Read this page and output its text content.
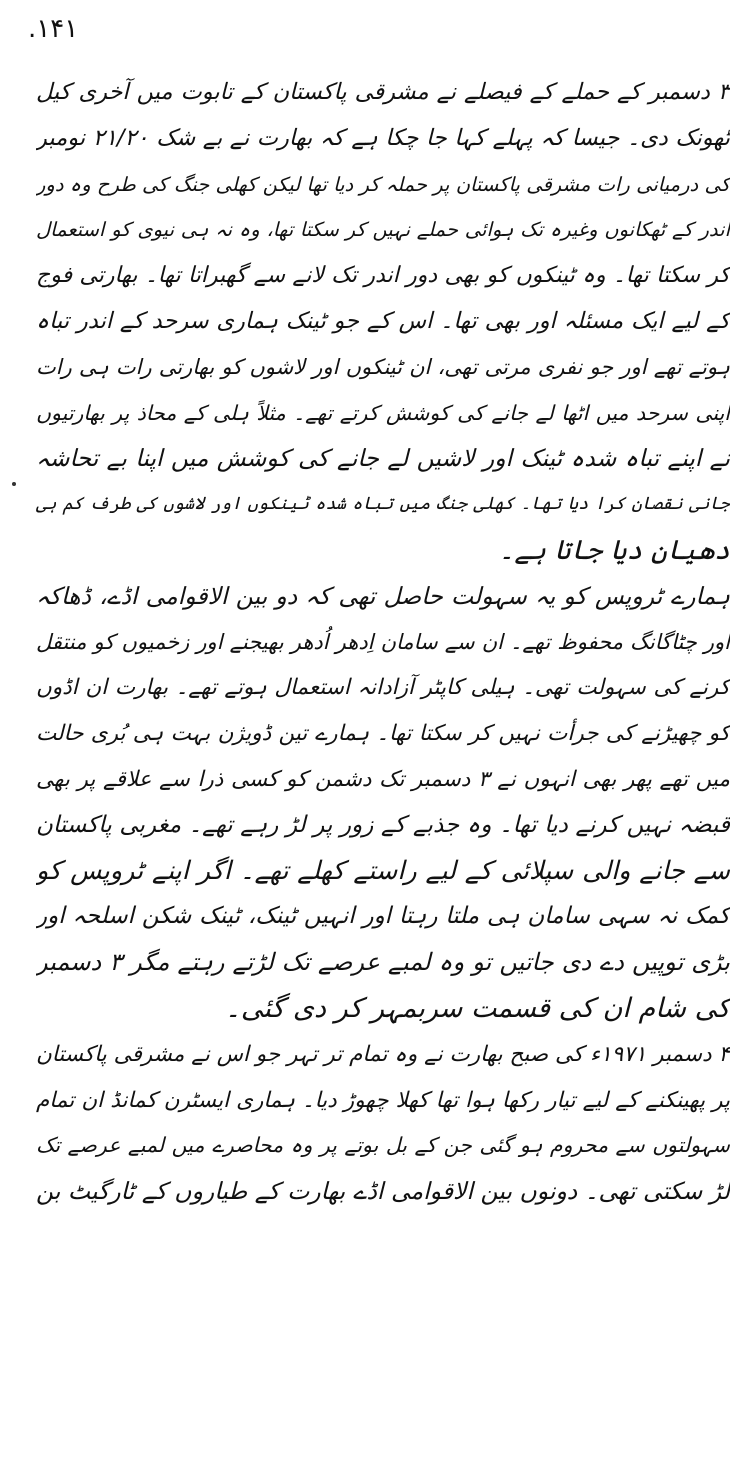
.١۴١
٣ دسمبر کے حملے کے فیصلے نے مشرقی پاکستان کے تابوت میں آخری کیل
ٹھونک دی۔ جیسا کہ پہلے کہا جا چکا ہے کہ بھارت نے بے شک ۲۱/۲۰ نومبر
کی درمیانی رات مشرقی پاکستان پر حملہ کر دیا تھا لیکن کھلی جنگ کی طرح وہ دور
اندر کے ٹھکانوں وغیرہ تک ہوائی حملے نہیں کر سکتا تھا، وہ نہ ہی نیوی کو استعمال
کر سکتا تھا۔ وہ ٹینکوں کو بھی دور اندر تک لانے سے گھبراتا تھا۔ بھارتی فوج
کے لیے ایک مسئلہ اور بھی تھا۔ اس کے جو ٹینک ہماری سرحد کے اندر تباہ
ہوتے تھے اور جو نفری مرتی تھی، ان ٹینکوں اور لاشوں کو بھارتی رات ہی رات
اپنی سرحد میں اٹھا لے جانے کی کوشش کرتے تھے۔ مثلاً ہلی کے محاذ پر بھارتیوں
نے اپنے تباہ شدہ ٹینک اور لاشیں لے جانے کی کوشش میں اپنا بے تحاشہ
جانی نقصان کرا دیا تھا۔ کھلی جنگ میں تباہ شدہ ٹینکوں اور لاشوں کی طرف کم ہی
دھیان دیا جاتا ہے۔
ہمارے ٹروپس کو یہ سہولت حاصل تھی کہ دو بین الاقوامی اڈے، ڈھاکہ
اور چٹاگانگ محفوظ تھے۔ ان سے سامان اِدھر اُدھر بھیجنے اور زخمیوں کو منتقل
کرنے کی سہولت تھی۔ ہیلی کاپٹر آزادانہ استعمال ہوتے تھے۔ بھارت ان اڈوں
کو چھیڑنے کی جرأت نہیں کر سکتا تھا۔ ہمارے تین ڈویژن بہت ہی بُری حالت
میں تھے پھر بھی انہوں نے ٣ دسمبر تک دشمن کو کسی ذرا سے علاقے پر بھی
قبضہ نہیں کرنے دیا تھا۔ وہ جذبے کے زور پر لڑ رہے تھے۔ مغربی پاکستان
سے جانے والی سپلائی کے لیے راستے کھلے تھے۔ اگر اپنے ٹروپس کو
کمک نہ سہی سامان ہی ملتا رہتا اور انہیں ٹینک، ٹینک شکن اسلحہ اور
بڑی توپیں دے دی جاتیں تو وہ لمبے عرصے تک لڑتے رہتے مگر ٣ دسمبر
کی شام ان کی قسمت سربمہر کر دی گئی۔
۴ دسمبر ١٩٧١ء کی صبح بھارت نے وہ تمام تر تہر جو اس نے مشرقی پاکستان
پر پھینکنے کے لیے تیار رکھا ہوا تھا کھلا چھوڑ دیا۔ ہماری ایسٹرن کمانڈ ان تمام
سہولتوں سے محروم ہو گئی جن کے بل بوتے پر وہ محاصرے میں لمبے عرصے تک
لڑ سکتی تھی۔ دونوں بین الاقوامی اڈے بھارت کے طیاروں کے ٹارگیٹ بن
